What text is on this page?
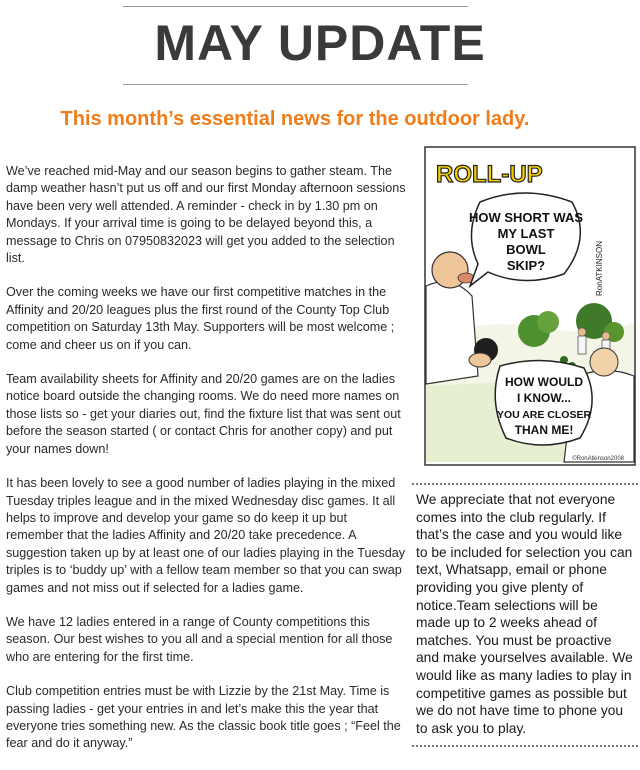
MAY UPDATE
This month’s essential news for the outdoor lady.

We’ve reached mid-May and our season begins to gather steam. The damp weather hasn’t put us off and our first Monday afternoon sessions have been very well attended. A reminder - check in by 1.30 pm on Mondays. If your arrival time is going to be delayed beyond this, a message to Chris on 07950832023 will get you added to the selection list.

Over the coming weeks we have our first competitive matches in the Affinity and 20/20 leagues plus the first round of the County Top Club competition on Saturday 13th May. Supporters will be most welcome ; come and cheer us on if you can.

Team availability sheets for Affinity and 20/20 games are on the ladies notice board outside the changing rooms. We do need more names on those lists so - get your diaries out, find the fixture list that was sent out before the season started ( or contact Chris for another copy) and put your names down!

It has been lovely to see a good number of ladies playing in the mixed Tuesday triples league and in the mixed Wednesday disc games. It all helps to improve and develop your game so do keep it up but remember that the ladies Affinity and 20/20 take precedence. A suggestion taken up by at least one of our ladies playing in the Tuesday triples is to ‘buddy up’ with a fellow team member so that you can swap games and not miss out if selected for a ladies game.

We have 12 ladies entered in a range of County competitions this season. Our best wishes to you all and a special mention for all those who are entering for the first time.

Club competition entries must be with Lizzie by the 21st May. Time is passing ladies - get your entries in and let’s make this the year that everyone tries something new. As the classic book title goes ; “Feel the fear and do it anyway.”

ROLL-UP
HOW SHORT WAS
MY LAST
BOWL
SKIP?	RonATKINSON
HOW WOULD
I KNOW...
YOU ARE CLOSER
THAN ME!
©RonAtkinson2008
We appreciate that not everyone comes into the club regularly. If that’s the case and you would like to be included for selection you can text, Whatsapp, email or phone providing you give plenty of notice.Team selections will be made up to 2 weeks ahead of matches. You must be proactive and make yourselves available. We would like as many ladies to play in competitive games as possible but we do not have time to phone you to ask you to play.
